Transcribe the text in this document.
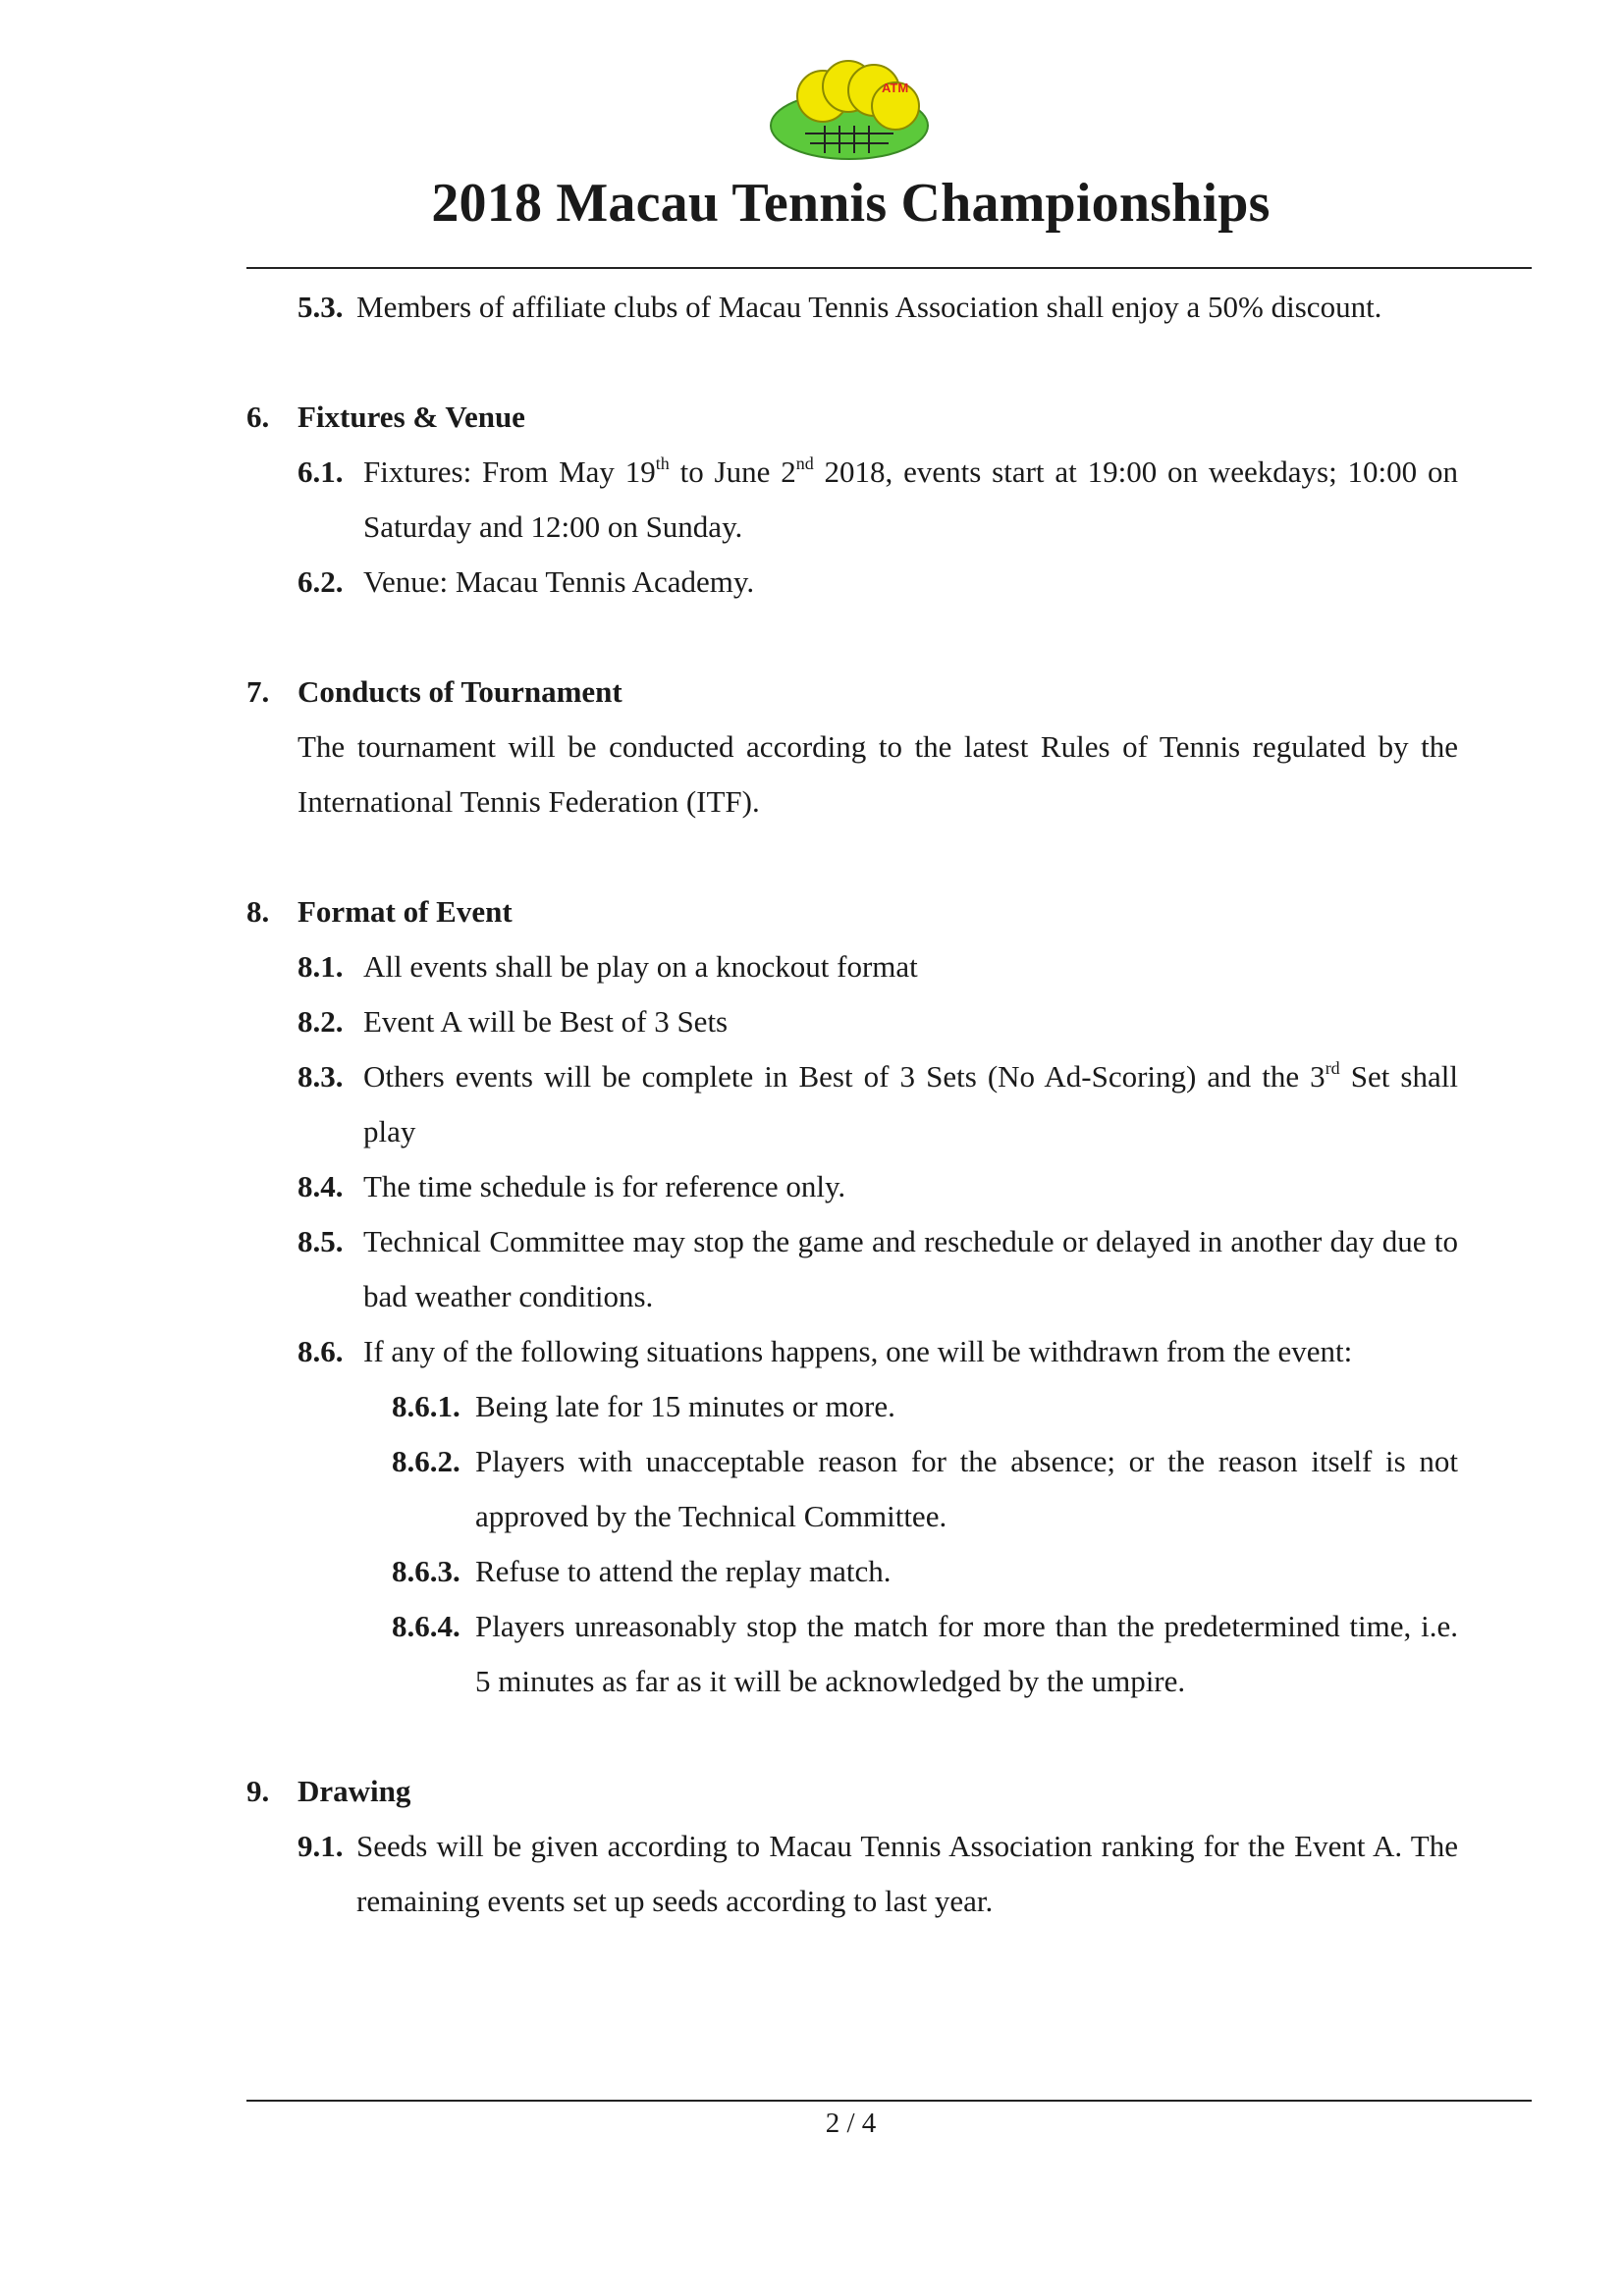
ATM
2018 Macau Tennis Championships
5.3. Members of affiliate clubs of Macau Tennis Association shall enjoy a 50% discount.
6. Fixtures & Venue
6.1. Fixtures: From May 19th to June 2nd 2018, events start at 19:00 on weekdays; 10:00 on Saturday and 12:00 on Sunday.
6.2. Venue: Macau Tennis Academy.
7. Conducts of Tournament
The tournament will be conducted according to the latest Rules of Tennis regulated by the International Tennis Federation (ITF).
8. Format of Event
8.1. All events shall be play on a knockout format
8.2. Event A will be Best of 3 Sets
8.3. Others events will be complete in Best of 3 Sets (No Ad-Scoring) and the 3rd Set shall play
8.4. The time schedule is for reference only.
8.5. Technical Committee may stop the game and reschedule or delayed in another day due to bad weather conditions.
8.6. If any of the following situations happens, one will be withdrawn from the event:
8.6.1. Being late for 15 minutes or more.
8.6.2. Players with unacceptable reason for the absence; or the reason itself is not approved by the Technical Committee.
8.6.3. Refuse to attend the replay match.
8.6.4. Players unreasonably stop the match for more than the predetermined time, i.e. 5 minutes as far as it will be acknowledged by the umpire.
9. Drawing
9.1. Seeds will be given according to Macau Tennis Association ranking for the Event A. The remaining events set up seeds according to last year.
2 / 4
